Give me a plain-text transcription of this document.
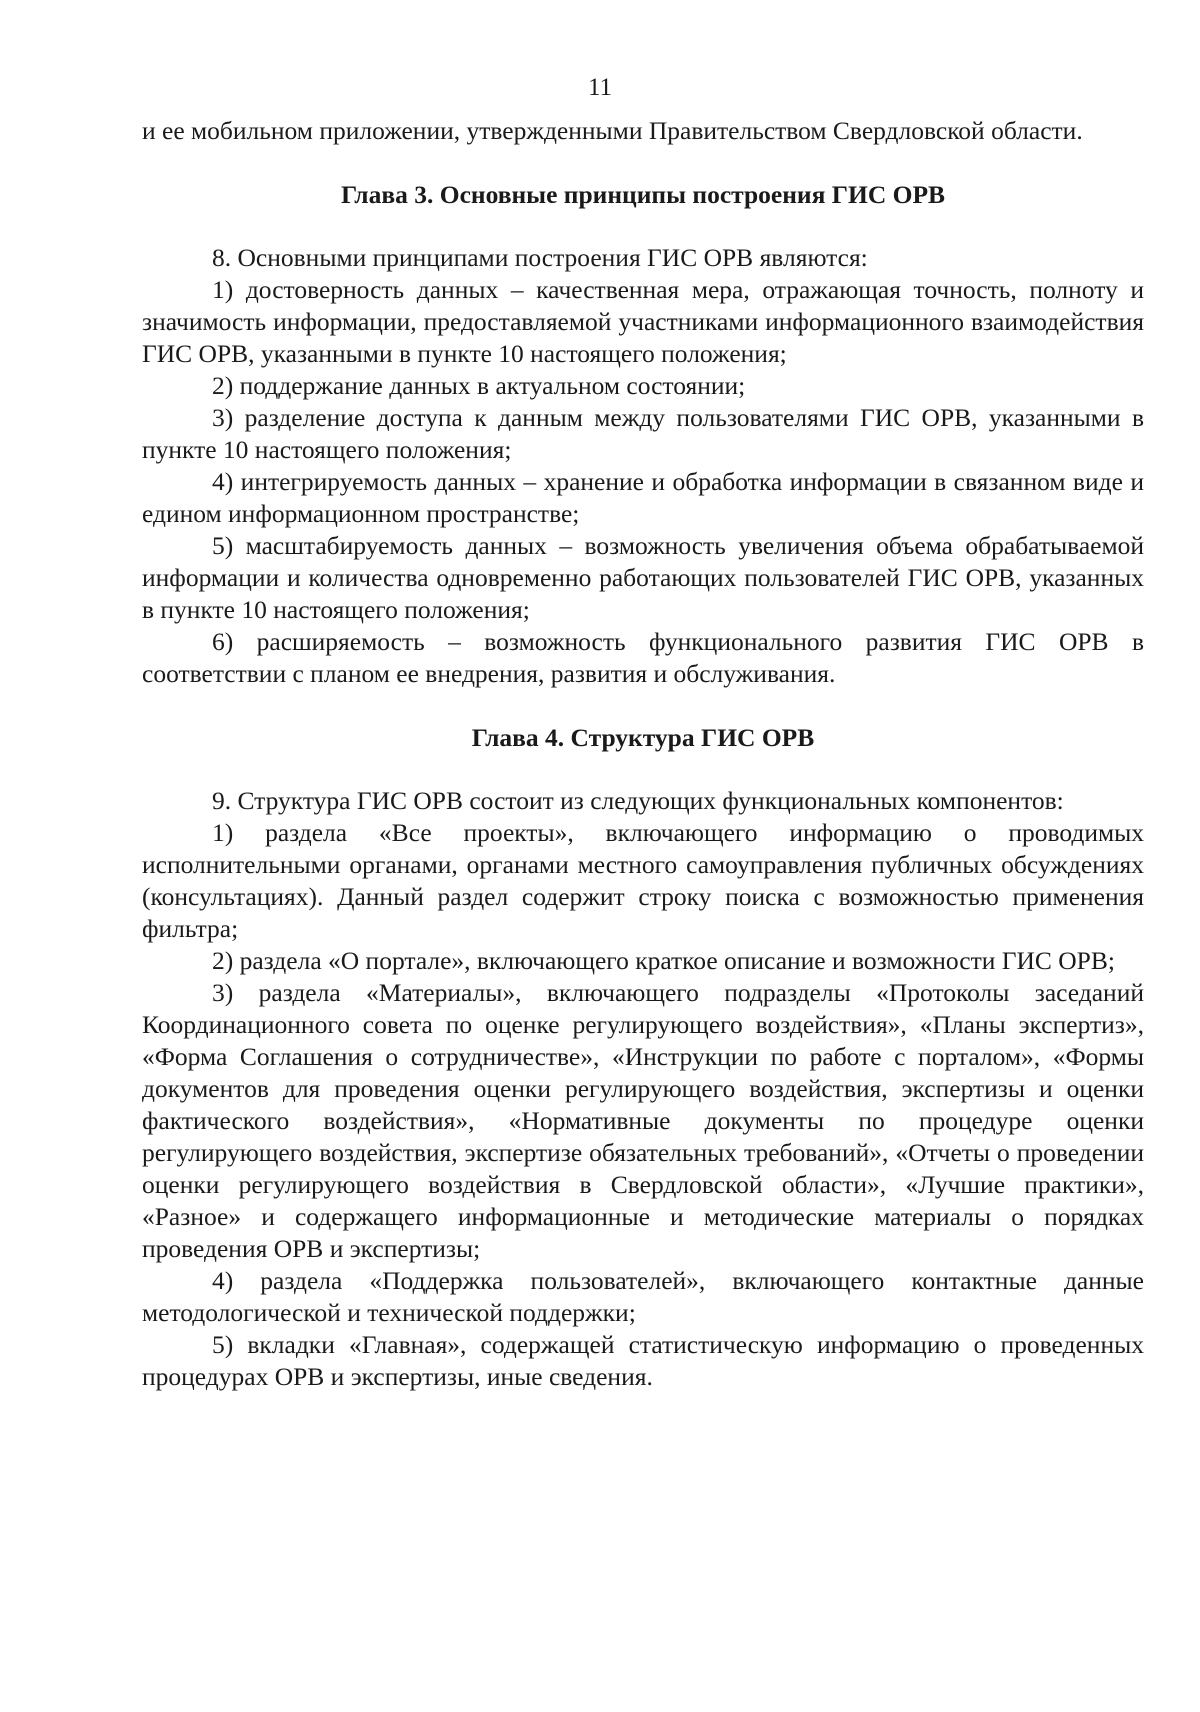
11

и ее мобильном приложении, утвержденными Правительством Свердловской области.

Глава 3. Основные принципы построения ГИС ОРВ

8. Основными принципами построения ГИС ОРВ являются:

1) достоверность данных – качественная мера, отражающая точность, полноту и значимость информации, предоставляемой участниками информационного взаимодействия ГИС ОРВ, указанными в пункте 10 настоящего положения;

2) поддержание данных в актуальном состоянии;

3) разделение доступа к данным между пользователями ГИС ОРВ, указанными в пункте 10 настоящего положения;

4) интегрируемость данных – хранение и обработка информации в связанном виде и едином информационном пространстве;

5) масштабируемость данных – возможность увеличения объема обрабатываемой информации и количества одновременно работающих пользователей ГИС ОРВ, указанных в пункте 10 настоящего положения;

6) расширяемость – возможность функционального развития ГИС ОРВ в соответствии с планом ее внедрения, развития и обслуживания.

Глава 4. Структура ГИС ОРВ

9. Структура ГИС ОРВ состоит из следующих функциональных компонентов:

1) раздела «Все проекты», включающего информацию о проводимых исполнительными органами, органами местного самоуправления публичных обсуждениях (консультациях). Данный раздел содержит строку поиска с возможностью применения фильтра;

2) раздела «О портале», включающего краткое описание и возможности ГИС ОРВ;

3) раздела «Материалы», включающего подразделы «Протоколы заседаний Координационного совета по оценке регулирующего воздействия», «Планы экспертиз», «Форма Соглашения о сотрудничестве», «Инструкции по работе с порталом», «Формы документов для проведения оценки регулирующего воздействия, экспертизы и оценки фактического воздействия», «Нормативные документы по процедуре оценки регулирующего воздействия, экспертизе обязательных требований», «Отчеты о проведении оценки регулирующего воздействия в Свердловской области», «Лучшие практики», «Разное» и содержащего информационные и методические материалы о порядках проведения ОРВ и экспертизы;

4) раздела «Поддержка пользователей», включающего контактные данные методологической и технической поддержки;

5) вкладки «Главная», содержащей статистическую информацию о проведенных процедурах ОРВ и экспертизы, иные сведения.
